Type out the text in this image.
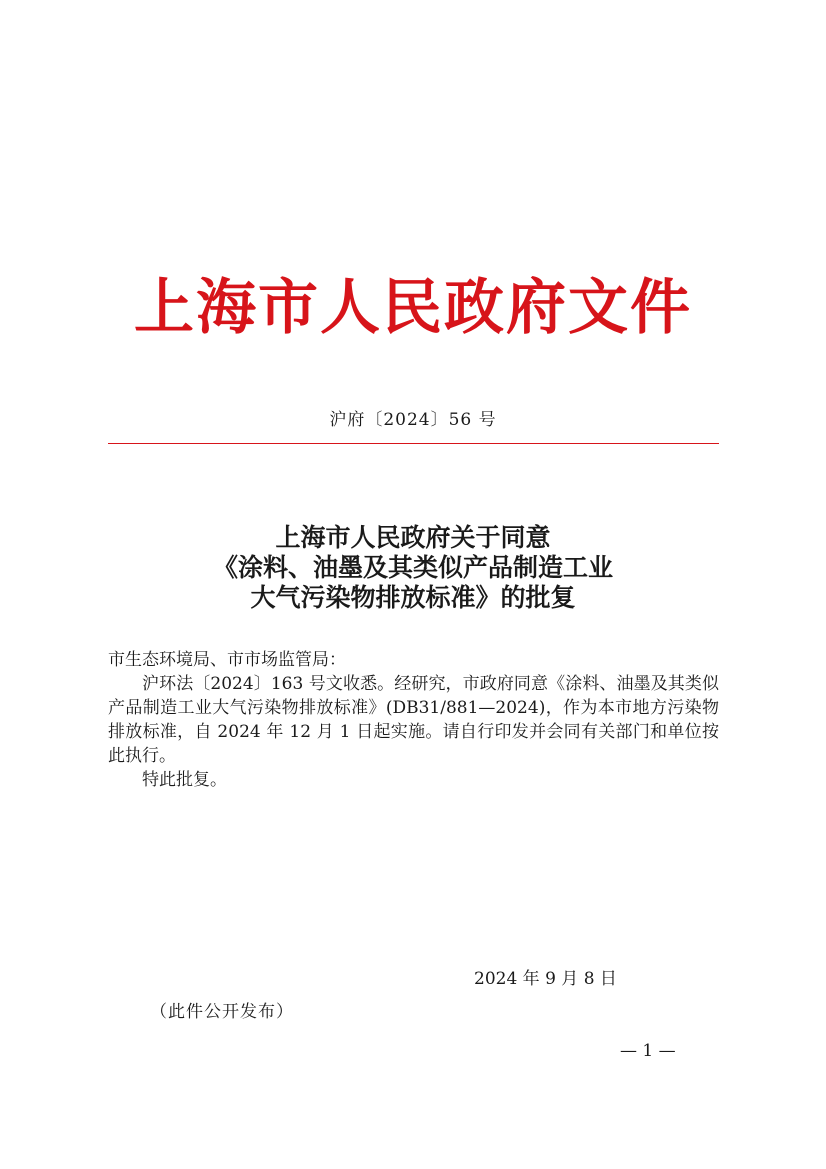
上海市人民政府文件
沪府〔2024〕56 号
上海市人民政府关于同意
《涂料、油墨及其类似产品制造工业
大气污染物排放标准》的批复

市生态环境局、市市场监管局：

沪环法〔2024〕163 号文收悉。经研究，市政府同意《涂料、油墨及其类似产品制造工业大气污染物排放标准》(DB31/881—2024)，作为本市地方污染物排放标准，自 2024 年 12 月 1 日起实施。请自行印发并会同有关部门和单位按此执行。

特此批复。

2024 年 9 月 8 日
（此件公开发布）
— 1 —
